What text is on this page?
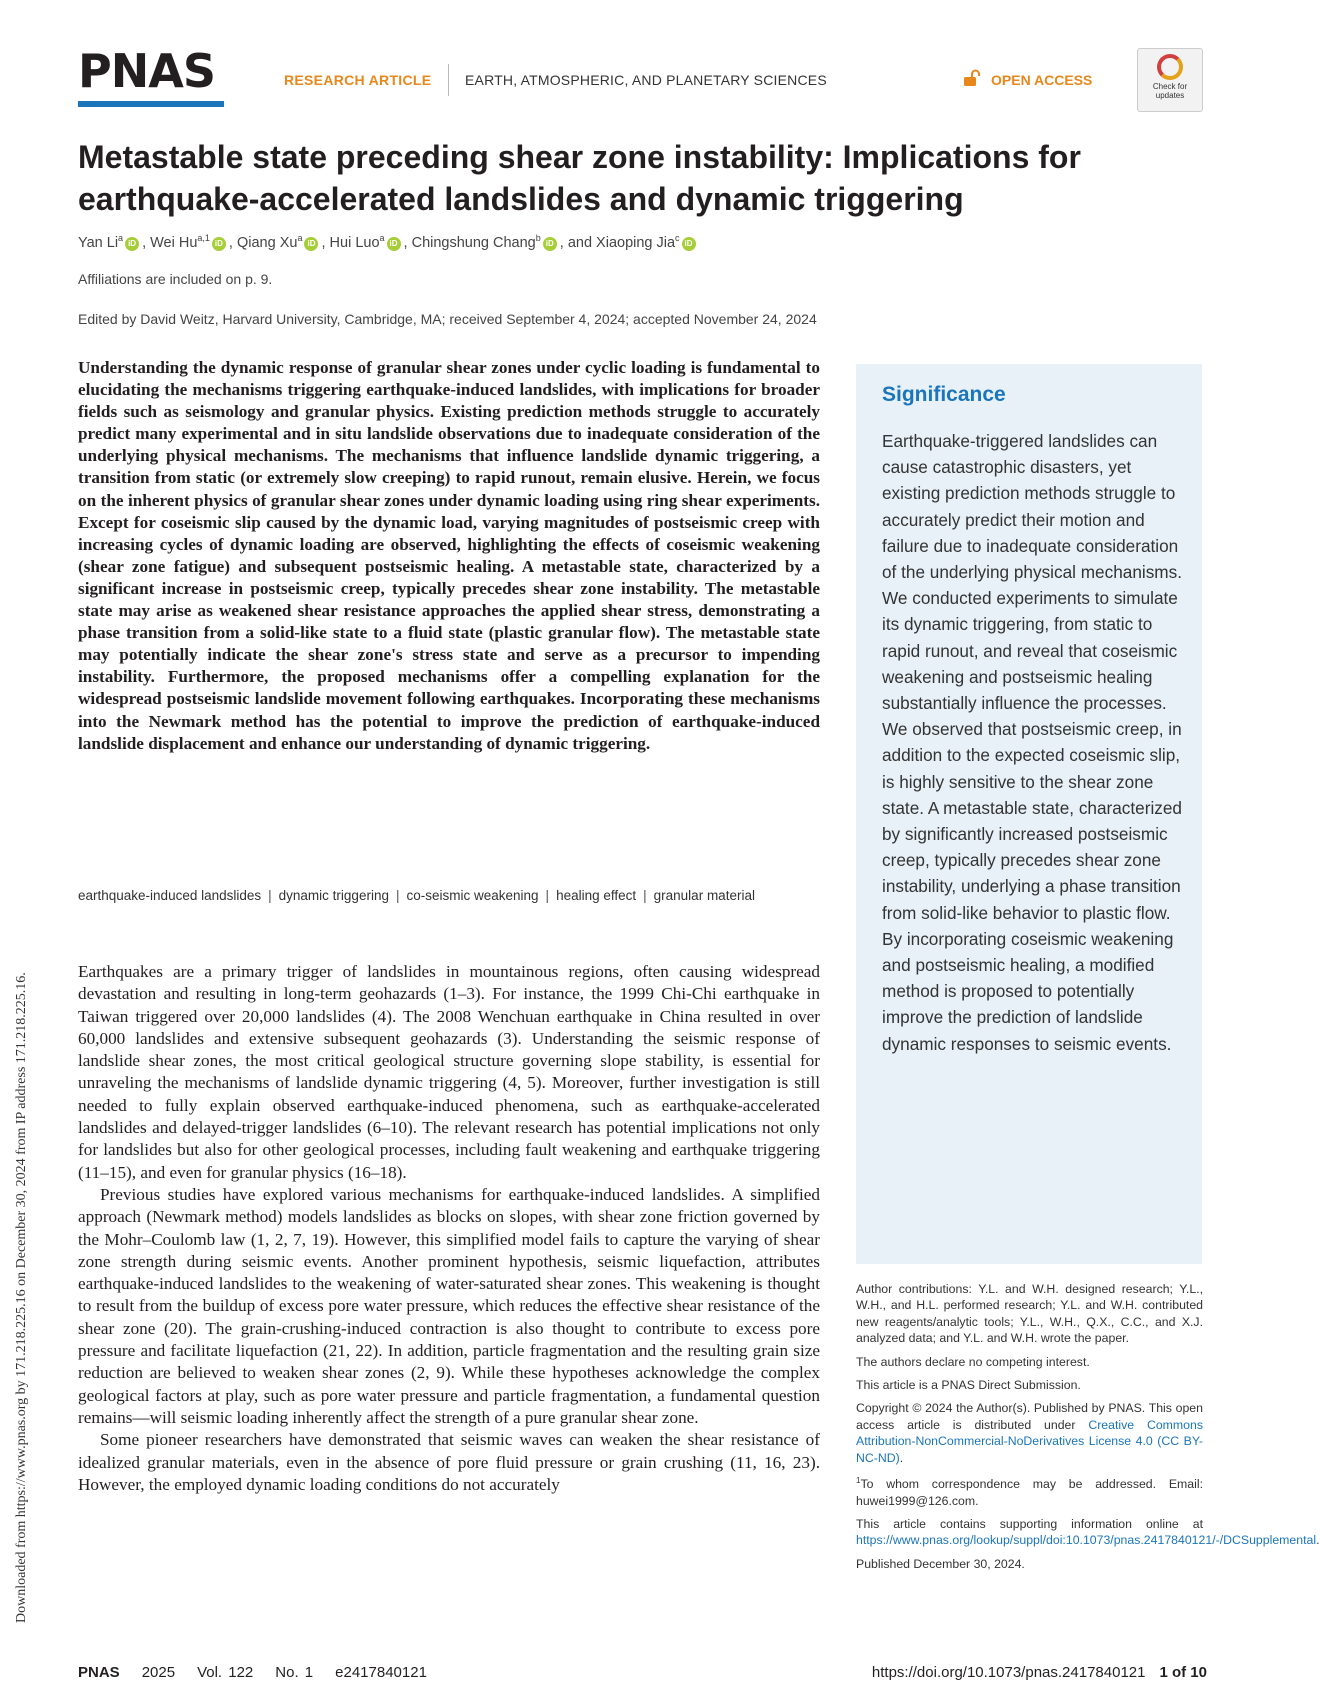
PNAS	RESEARCH ARTICLE EARTH, ATMOSPHERIC, AND PLANETARY SCIENCES	OPEN ACCESS	Check for
updates
Metastable state preceding shear zone instability: Implications for earthquake-accelerated landslides and dynamic triggering
Yan Li$^a$iD , Wei Hu$^{a,1}$iD , Qiang Xu$^a$iD , Hui Luo$^a$iD , Chingshung Chang$^b$iD , and Xiaoping Jia$^c$iD
Affiliations are included on p. 9.
Edited by David Weitz, Harvard University, Cambridge, MA; received September 4, 2024; accepted November 24, 2024
Understanding the dynamic response of granular shear zones under cyclic loading is fundamental to elucidating the mechanisms triggering earthquake-induced landslides, with implications for broader fields such as seismology and granular physics. Existing prediction methods struggle to accurately predict many experimental and in situ landslide observations due to inadequate consideration of the underlying physical mechanisms. The mechanisms that influence landslide dynamic triggering, a transition from static (or extremely slow creeping) to rapid runout, remain elusive. Herein, we focus on the inherent physics of granular shear zones under dynamic loading using ring shear experiments. Except for coseismic slip caused by the dynamic load, varying magnitudes of postseismic creep with increasing cycles of dynamic loading are observed, highlighting the effects of coseismic weakening (shear zone fatigue) and subsequent postseismic healing. A metastable state, characterized by a significant increase in postseismic creep, typically precedes shear zone instability. The metastable state may arise as weakened shear resistance approaches the applied shear stress, demonstrating a phase transition from a solid-like state to a fluid state (plastic granular flow). The metastable state may potentially indicate the shear zone's stress state and serve as a precursor to impending instability. Furthermore, the proposed mechanisms offer a compelling explanation for the widespread postseismic landslide movement following earthquakes. Incorporating these mechanisms into the Newmark method has the potential to improve the prediction of earthquake-induced landslide displacement and enhance our understanding of dynamic triggering.
earthquake-induced landslides | dynamic triggering | co-seismic weakening | healing effect | granular material

Earthquakes are a primary trigger of landslides in mountainous regions, often causing widespread devastation and resulting in long-term geohazards (1–3). For instance, the 1999 Chi-Chi earthquake in Taiwan triggered over 20,000 landslides (4). The 2008 Wenchuan earthquake in China resulted in over 60,000 landslides and extensive subsequent geohazards (3). Understanding the seismic response of landslide shear zones, the most critical geological structure governing slope stability, is essential for unraveling the mechanisms of landslide dynamic triggering (4, 5). Moreover, further investigation is still needed to fully explain observed earthquake-induced phenomena, such as earthquake-accelerated landslides and delayed-trigger landslides (6–10). The relevant research has potential implications not only for landslides but also for other geological processes, including fault weakening and earthquake triggering (11–15), and even for granular physics (16–18).

Previous studies have explored various mechanisms for earthquake-induced landslides. A simplified approach (Newmark method) models landslides as blocks on slopes, with shear zone friction governed by the Mohr–Coulomb law (1, 2, 7, 19). However, this simplified model fails to capture the varying of shear zone strength during seismic events. Another prominent hypothesis, seismic liquefaction, attributes earthquake-induced landslides to the weakening of water-saturated shear zones. This weakening is thought to result from the buildup of excess pore water pressure, which reduces the effective shear resistance of the shear zone (20). The grain-crushing-induced contraction is also thought to contribute to excess pore pressure and facilitate liquefaction (21, 22). In addition, particle fragmentation and the resulting grain size reduction are believed to weaken shear zones (2, 9). While these hypotheses acknowledge the complex geological factors at play, such as pore water pressure and particle fragmentation, a fundamental question remains—will seismic loading inherently affect the strength of a pure granular shear zone.

Some pioneer researchers have demonstrated that seismic waves can weaken the shear resistance of idealized granular materials, even in the absence of pore fluid pressure or grain crushing (11, 16, 23). However, the employed dynamic loading conditions do not accurately

Significance
Earthquake-triggered landslides can cause catastrophic disasters, yet existing prediction methods struggle to accurately predict their motion and failure due to inadequate consideration of the underlying physical mechanisms. We conducted experiments to simulate its dynamic triggering, from static to rapid runout, and reveal that coseismic weakening and postseismic healing substantially influence the processes. We observed that postseismic creep, in addition to the expected coseismic slip, is highly sensitive to the shear zone state. A metastable state, characterized by significantly increased postseismic creep, typically precedes shear zone instability, underlying a phase transition from solid-like behavior to plastic flow. By incorporating coseismic weakening and postseismic healing, a modified method is proposed to potentially improve the prediction of landslide dynamic responses to seismic events.

Author contributions: Y.L. and W.H. designed research; Y.L., W.H., and H.L. performed research; Y.L. and W.H. contributed new reagents/analytic tools; Y.L., W.H., Q.X., C.C., and X.J. analyzed data; and Y.L. and W.H. wrote the paper.

The authors declare no competing interest.

This article is a PNAS Direct Submission.

Copyright © 2024 the Author(s). Published by PNAS. This open access article is distributed under Creative Commons Attribution-NonCommercial-NoDerivatives License 4.0 (CC BY-NC-ND).

$^1$To whom correspondence may be addressed. Email: huwei1999@126.com.

This article contains supporting information online at https://www.pnas.org/lookup/suppl/doi:10.1073/pnas.2417840121/-/DCSupplemental.

Published December 30, 2024.

Downloaded from https://www.pnas.org by 171.218.225.16 on December 30, 2024 from IP address 171.218.225.16.
PNAS 2025 Vol. 122 No. 1 e2417840121	https://doi.org/10.1073/pnas.2417840121 1 of 10
